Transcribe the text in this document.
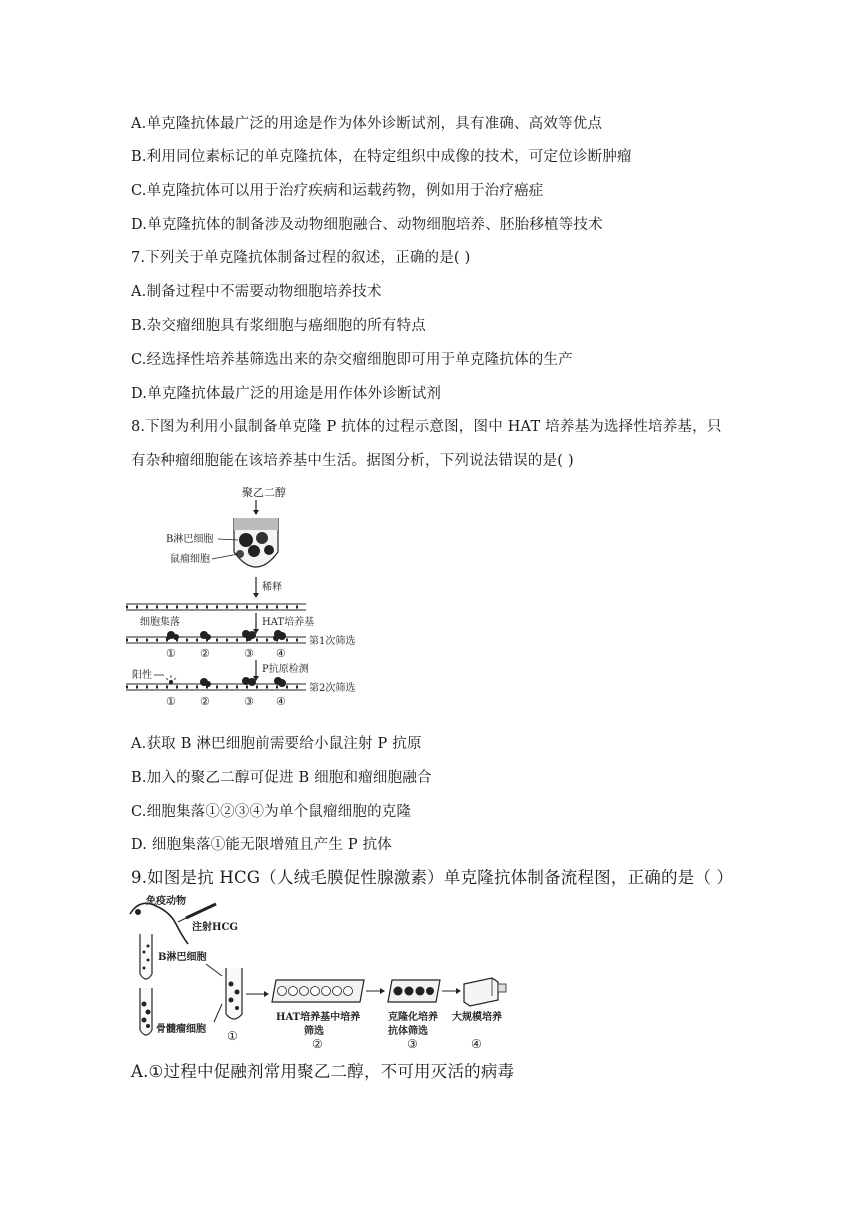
A.单克隆抗体最广泛的用途是作为体外诊断试剂，具有准确、高效等优点
B.利用同位素标记的单克隆抗体，在特定组织中成像的技术，可定位诊断肿瘤
C.单克隆抗体可以用于治疗疾病和运载药物，例如用于治疗癌症
D.单克隆抗体的制备涉及动物细胞融合、动物细胞培养、胚胎移植等技术
7.下列关于单克隆抗体制备过程的叙述，正确的是( )
A.制备过程中不需要动物细胞培养技术
B.杂交瘤细胞具有浆细胞与癌细胞的所有特点
C.经选择性培养基筛选出来的杂交瘤细胞即可用于单克隆抗体的生产
D.单克隆抗体最广泛的用途是用作体外诊断试剂
8.下图为利用小鼠制备单克隆 P 抗体的过程示意图，图中 HAT 培养基为选择性培养基，只
有杂种瘤细胞能在该培养基中生活。据图分析，下列说法错误的是( )
聚乙二醇
B淋巴细胞
鼠瘤细胞
稀释
HAT培养基
细胞集落
第1次筛选
① ②	③ ④
P抗原检测
阳性
第2次筛选
① ②	③ ④
A.获取 B 淋巴细胞前需要给小鼠注射 P 抗原
B.加入的聚乙二醇可促进 B 细胞和瘤细胞融合
C.细胞集落①②③④为单个鼠瘤细胞的克隆
D. 细胞集落①能无限增殖且产生 P 抗体
9.如图是抗 HCG（人绒毛膜促性腺激素）单克隆抗体制备流程图，正确的是（ ）
免疫动物
注射HCG
B淋巴细胞
骨髓瘤细胞 ①
HAT培养基中培养
筛选
②
克隆化培养
抗体筛选
③
大规模培养
④
A.①过程中促融剂常用聚乙二醇，不可用灭活的病毒
